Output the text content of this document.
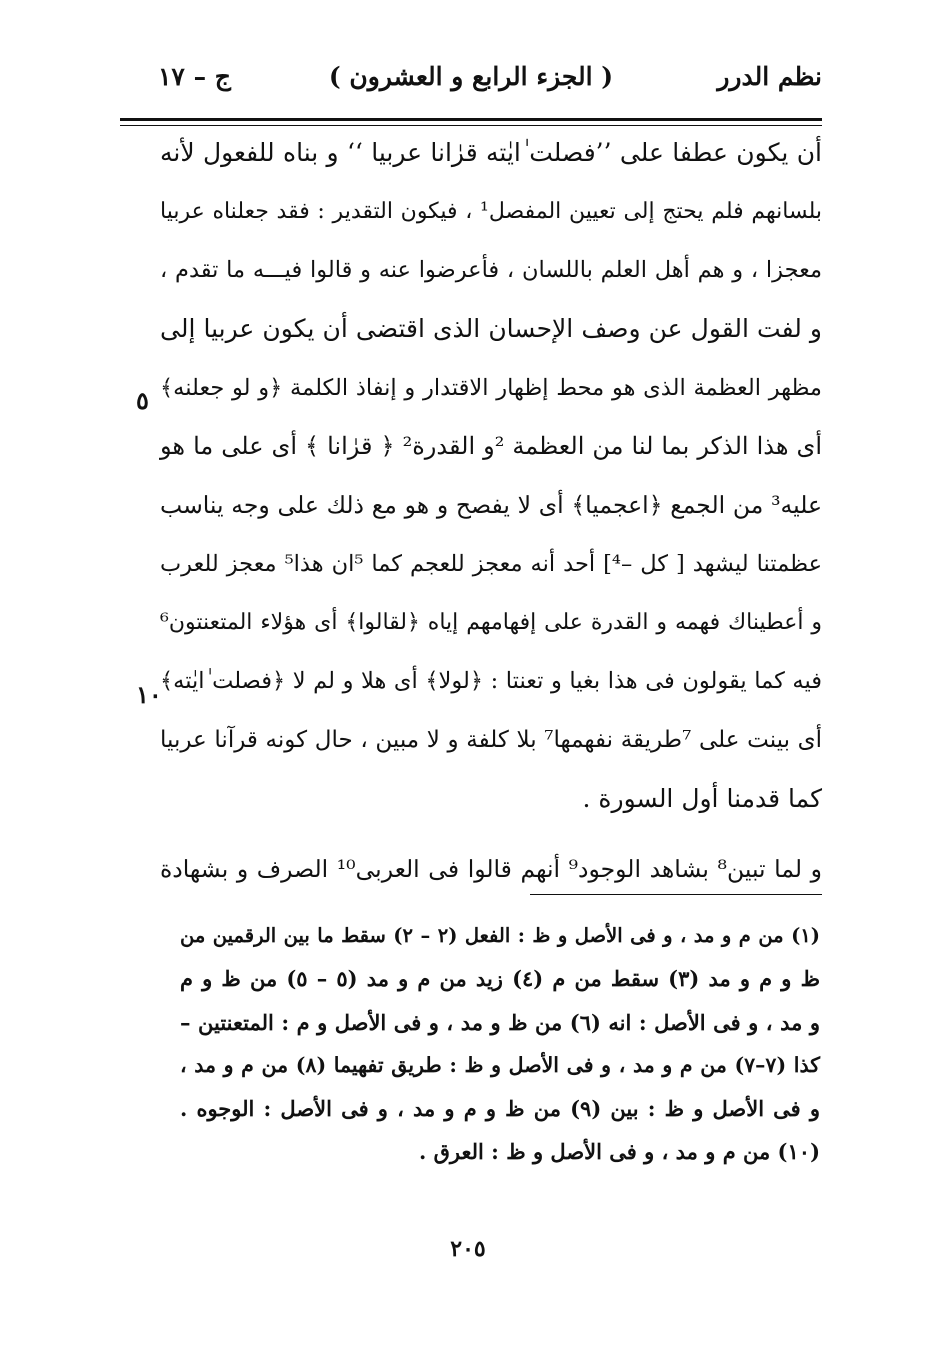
نظم الدرر
( الجزء الرابع و العشرون )
ج – ١٧
أن يكون عطفا على ’’فصلت ٰايٰته قرٰانا عربيا ‘‘ و بناه للفعول لأنه
بلسانهم فلم يحتج إلى تعيين المفصل¹ ، فيكون التقدير : فقد جعلناه عربيا
معجزا ، و هم أهل العلم باللسان ، فأعرضوا عنه و قالوا فيـــه ما تقدم ،
و لفت القول عن وصف الإحسان الذى اقتضى أن يكون عربيا إلى
مظهر العظمة الذى هو محط إظهار الاقتدار و إنفاذ الكلمة ﴿و لو جعلنه﴾
أى هذا الذكر بما لنا من العظمة ²و القدرة² ﴿ قرٰانا ﴾ أى على ما هو
عليه³ من الجمع ﴿اعجميا﴾ أى لا يفصح و هو مع ذلك على وجه يناسب
عظمتنا ليشهد [ كل –⁴] أحد أنه معجز للعجم كما ⁵ان هذا⁵ معجز للعرب
و أعطيناك فهمه و القدرة على إفهامهم إياه ﴿لقالوا﴾ أى هؤلاء المتعنتون⁶
فيه كما يقولون فى هذا بغيا و تعنتا : ﴿لولا﴾ أى هلا و لم لا ﴿فصلت ٰايٰته﴾
أى بينت على ⁷طريقة نفهمها⁷ بلا كلفة و لا مبين ، حال كونه قرآنا عربيا
كما قدمنا أول السورة .
و لما تبين⁸ بشاهد الوجود⁹ أنهم قالوا فى العربى¹⁰ الصرف و بشهادة
٥
١٠
(١) من م و مد ، و فى الأصل و ظ : الفعل (٢ – ٢) سقط ما بين الرقمين من
ظ و م و مد (٣) سقط من م (٤) زيد من م و مد (٥ – ٥) من ظ و م
و مد ، و فى الأصل : انه (٦) من ظ و مد ، و فى الأصل و م : المتعنتين –
كذا (٧–٧) من م و مد ، و فى الأصل و ظ : طريق تفهيما (٨) من م و مد ،
و فى الأصل و ظ : بين (٩) من ظ و م و مد ، و فى الأصل : الوجوه .
(١٠) من م و مد ، و فى الأصل و ظ : العرق .
٢٠٥
